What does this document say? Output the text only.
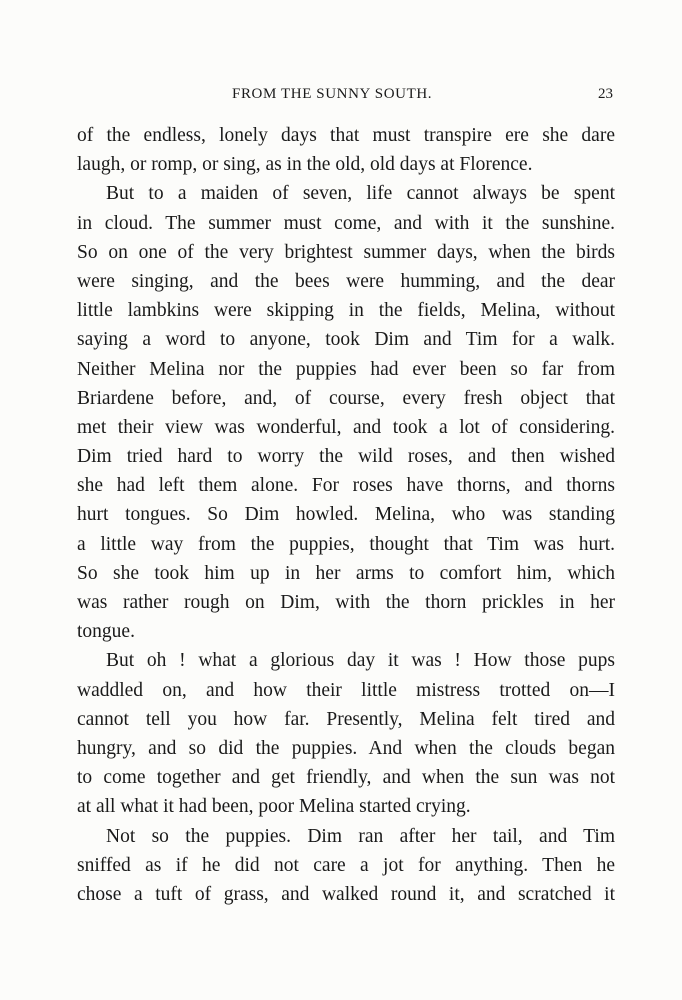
FROM THE SUNNY SOUTH.	23
of the endless, lonely days that must transpire ere she dare
laugh, or romp, or sing, as in the old, old days at Florence.
But to a maiden of seven, life cannot always be spent
in cloud. The summer must come, and with it the sunshine.
So on one of the very brightest summer days, when the birds
were singing, and the bees were humming, and the dear
little lambkins were skipping in the fields, Melina, without
saying a word to anyone, took Dim and Tim for a walk.
Neither Melina nor the puppies had ever been so far from
Briardene before, and, of course, every fresh object that
met their view was wonderful, and took a lot of considering.
Dim tried hard to worry the wild roses, and then wished
she had left them alone. For roses have thorns, and thorns
hurt tongues. So Dim howled. Melina, who was standing
a little way from the puppies, thought that Tim was hurt.
So she took him up in her arms to comfort him, which
was rather rough on Dim, with the thorn prickles in her
tongue.
But oh ! what a glorious day it was ! How those pups
waddled on, and how their little mistress trotted on—I
cannot tell you how far. Presently, Melina felt tired and
hungry, and so did the puppies. And when the clouds began
to come together and get friendly, and when the sun was not
at all what it had been, poor Melina started crying.
Not so the puppies. Dim ran after her tail, and Tim
sniffed as if he did not care a jot for anything. Then he
chose a tuft of grass, and walked round it, and scratched it
